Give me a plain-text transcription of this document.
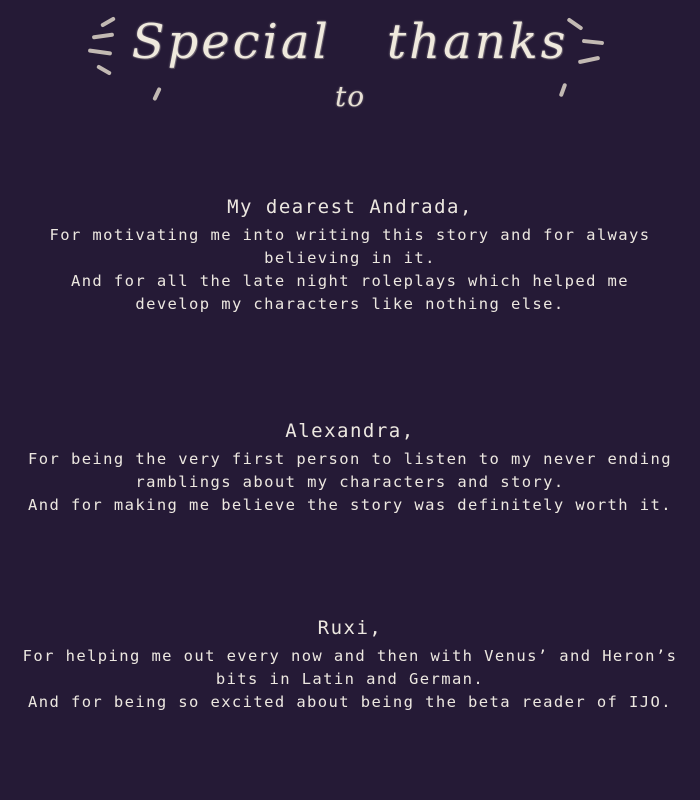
Special thanks
to
My dearest Andrada,
For motivating me into writing this story and for always
believing in it.
And for all the late night roleplays which helped me
develop my characters like nothing else.
Alexandra,
For being the very first person to listen to my never ending
ramblings about my characters and story.
And for making me believe the story was definitely worth it.
Ruxi,
For helping me out every now and then with Venus’ and Heron’s
bits in Latin and German.
And for being so excited about being the beta reader of IJO.
